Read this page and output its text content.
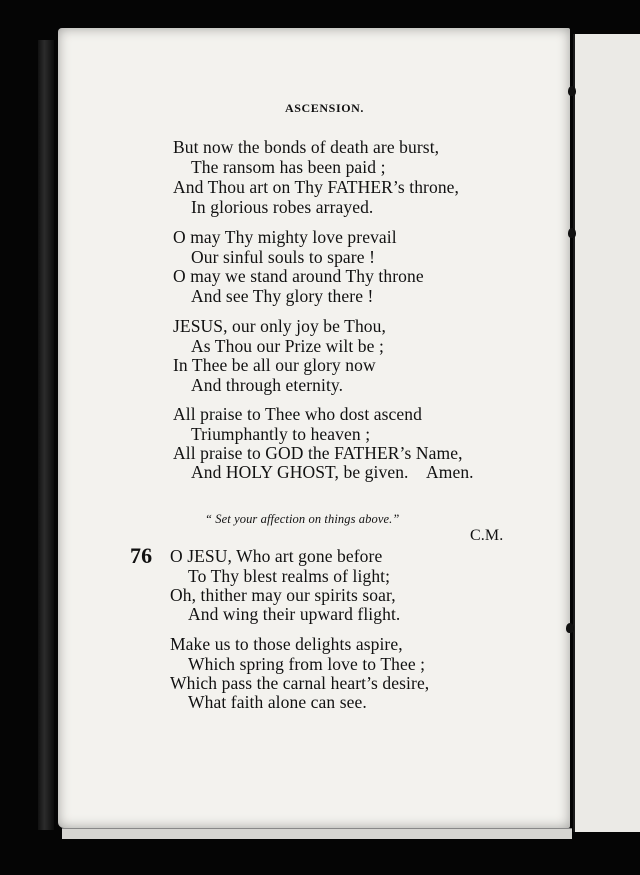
ASCENSION.
But now the bonds of death are burst,
The ransom has been paid ;
And Thou art on Thy FATHER’s throne,
In glorious robes arrayed.
O may Thy mighty love prevail
Our sinful souls to spare !
O may we stand around Thy throne
And see Thy glory there !
JESUS, our only joy be Thou,
As Thou our Prize wilt be ;
In Thee be all our glory now
And through eternity.
All praise to Thee who dost ascend
Triumphantly to heaven ;
All praise to GOD the FATHER’s Name,
And HOLY GHOST, be given. Amen.
“ Set your affection on things above.”
C.M.
76 O JESU, Who art gone before
To Thy blest realms of light;
Oh, thither may our spirits soar,
And wing their upward flight.
Make us to those delights aspire,
Which spring from love to Thee ;
Which pass the carnal heart’s desire,
What faith alone can see.
